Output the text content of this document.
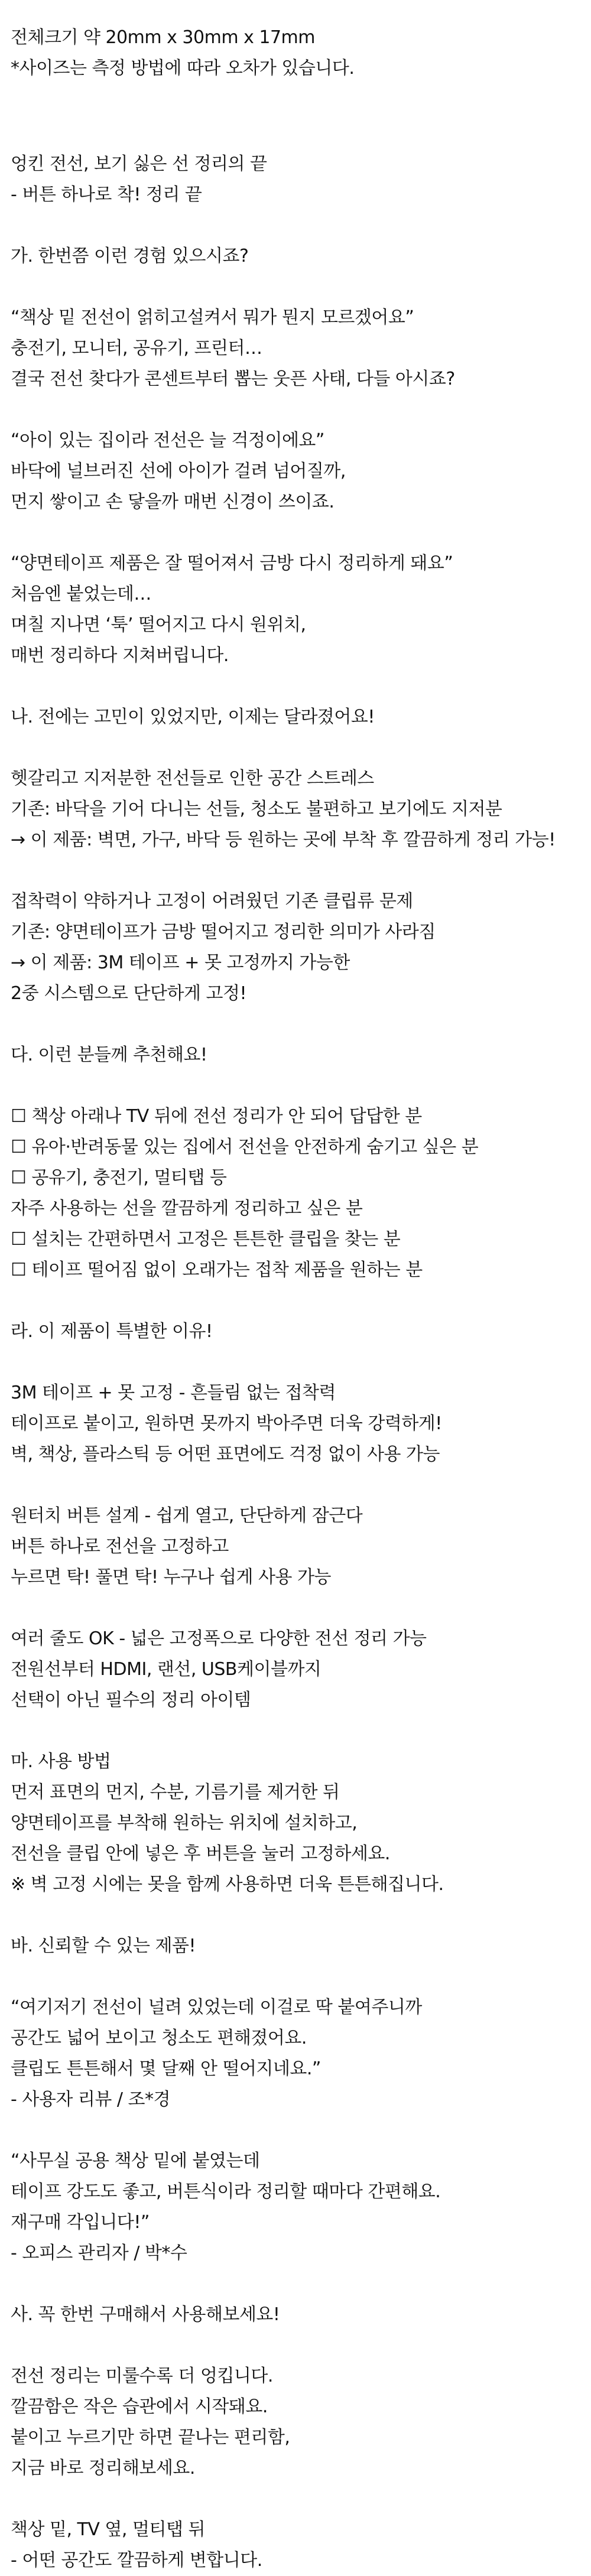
전체크기 약 20mm x 30mm x 17mm
*사이즈는 측정 방법에 따라 오차가 있습니다.
엉킨 전선, 보기 싫은 선 정리의 끝
- 버튼 하나로 착! 정리 끝
가. 한번쯤 이런 경험 있으시죠?
“책상 밑 전선이 얽히고설켜서 뭐가 뭔지 모르겠어요”
충전기, 모니터, 공유기, 프린터…
결국 전선 찾다가 콘센트부터 뽑는 웃픈 사태, 다들 아시죠?
“아이 있는 집이라 전선은 늘 걱정이에요”
바닥에 널브러진 선에 아이가 걸려 넘어질까,
먼지 쌓이고 손 닿을까 매번 신경이 쓰이죠.
“양면테이프 제품은 잘 떨어져서 금방 다시 정리하게 돼요”
처음엔 붙었는데…
며칠 지나면 ‘툭’ 떨어지고 다시 원위치,
매번 정리하다 지쳐버립니다.
나. 전에는 고민이 있었지만, 이제는 달라졌어요!
헷갈리고 지저분한 전선들로 인한 공간 스트레스
기존: 바닥을 기어 다니는 선들, 청소도 불편하고 보기에도 지저분
→ 이 제품: 벽면, 가구, 바닥 등 원하는 곳에 부착 후 깔끔하게 정리 가능!
접착력이 약하거나 고정이 어려웠던 기존 클립류 문제
기존: 양면테이프가 금방 떨어지고 정리한 의미가 사라짐
→ 이 제품: 3M 테이프 + 못 고정까지 가능한
2중 시스템으로 단단하게 고정!
다. 이런 분들께 추천해요!
☐ 책상 아래나 TV 뒤에 전선 정리가 안 되어 답답한 분
☐ 유아·반려동물 있는 집에서 전선을 안전하게 숨기고 싶은 분
☐ 공유기, 충전기, 멀티탭 등
자주 사용하는 선을 깔끔하게 정리하고 싶은 분
☐ 설치는 간편하면서 고정은 튼튼한 클립을 찾는 분
☐ 테이프 떨어짐 없이 오래가는 접착 제품을 원하는 분
라. 이 제품이 특별한 이유!
3M 테이프 + 못 고정 - 흔들림 없는 접착력
테이프로 붙이고, 원하면 못까지 박아주면 더욱 강력하게!
벽, 책상, 플라스틱 등 어떤 표면에도 걱정 없이 사용 가능
원터치 버튼 설계 - 쉽게 열고, 단단하게 잠근다
버튼 하나로 전선을 고정하고
누르면 탁! 풀면 탁! 누구나 쉽게 사용 가능
여러 줄도 OK - 넓은 고정폭으로 다양한 전선 정리 가능
전원선부터 HDMI, 랜선, USB케이블까지
선택이 아닌 필수의 정리 아이템
마. 사용 방법
먼저 표면의 먼지, 수분, 기름기를 제거한 뒤
양면테이프를 부착해 원하는 위치에 설치하고,
전선을 클립 안에 넣은 후 버튼을 눌러 고정하세요.
※ 벽 고정 시에는 못을 함께 사용하면 더욱 튼튼해집니다.
바. 신뢰할 수 있는 제품!
“여기저기 전선이 널려 있었는데 이걸로 딱 붙여주니까
공간도 넓어 보이고 청소도 편해졌어요.
클립도 튼튼해서 몇 달째 안 떨어지네요.”
- 사용자 리뷰 / 조*경
“사무실 공용 책상 밑에 붙였는데
테이프 강도도 좋고, 버튼식이라 정리할 때마다 간편해요.
재구매 각입니다!”
- 오피스 관리자 / 박*수
사. 꼭 한번 구매해서 사용해보세요!
전선 정리는 미룰수록 더 엉킵니다.
깔끔함은 작은 습관에서 시작돼요.
붙이고 누르기만 하면 끝나는 편리함,
지금 바로 정리해보세요.
책상 밑, TV 옆, 멀티탭 뒤
- 어떤 공간도 깔끔하게 변합니다.
